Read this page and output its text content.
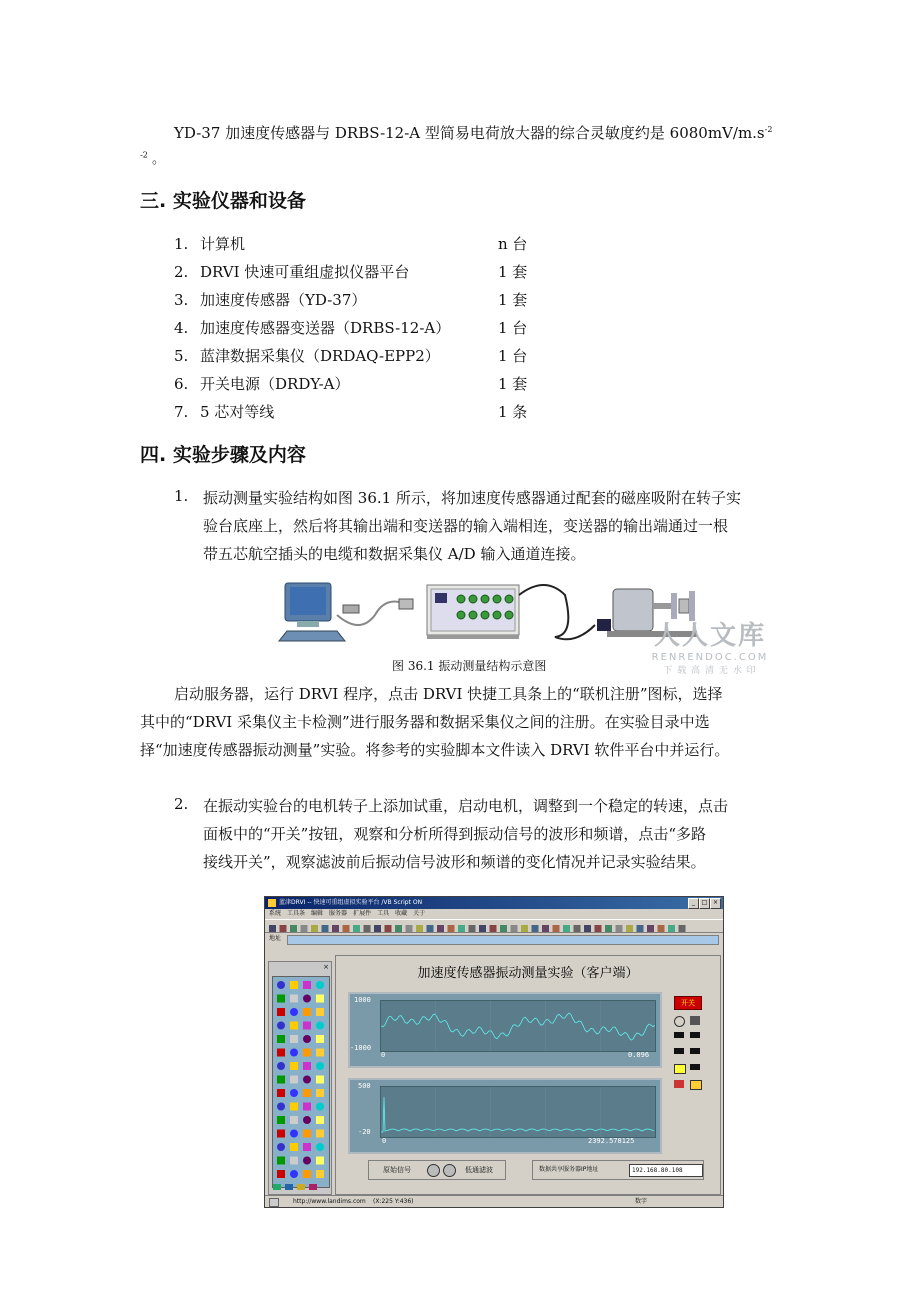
YD-37 加速度传感器与 DRBS-12-A 型简易电荷放大器的综合灵敏度约是 $6080mV/m.s^{-2}$
$^{-2}$ 。
三. 实验仪器和设备
1. 计算机	n 台
2. DRVI 快速可重组虚拟仪器平台	1 套
3. 加速度传感器（YD-37）	1 套
4. 加速度传感器变送器（DRBS-12-A）	1 台
5. 蓝津数据采集仪（DRDAQ-EPP2）	1 台
6. 开关电源（DRDY-A）	1 套
7. 5 芯对等线	1 条
四. 实验步骤及内容
1. 振动测量实验结构如图 36.1 所示，将加速度传感器通过配套的磁座吸附在转子实
验台底座上，然后将其输出端和变送器的输入端相连，变送器的输出端通过一根
带五芯航空插头的电缆和数据采集仪 A/D 输入通道连接。
人人文库
RENRENDOC.COM
下 载 高 清 无 水 印
图 36.1 振动测量结构示意图
启动服务器，运行 DRVI 程序，点击 DRVI 快捷工具条上的“联机注册”图标，选择
其中的“DRVI 采集仪主卡检测”进行服务器和数据采集仪之间的注册。在实验目录中选
择“加速度传感器振动测量”实验。将参考的实验脚本文件读入 DRVI 软件平台中并运行。
2. 在振动实验台的电机转子上添加试重，启动电机，调整到一个稳定的转速，点击
面板中的“开关”按钮，观察和分析所得到振动信号的波形和频谱，点击“多路
接线开关”，观察滤波前后振动信号波形和频谱的变化情况并记录实验结果。
蓝津DRVI -- 快速可重组虚拟实验平台 /VB Script ON	_	□ ×
系统 工具条 编辑 服务器 扩展件 工具 收藏 关于
地址
×	加速度传感器振动测量实验（客户端）
1000
-1000
0	0.096
500
-20
0	2392.578125
开关
原始信号	低通滤波	数据共享服务器IP地址	192.168.80.108
http://www.landims.com (X:225 Y:436)	数字
